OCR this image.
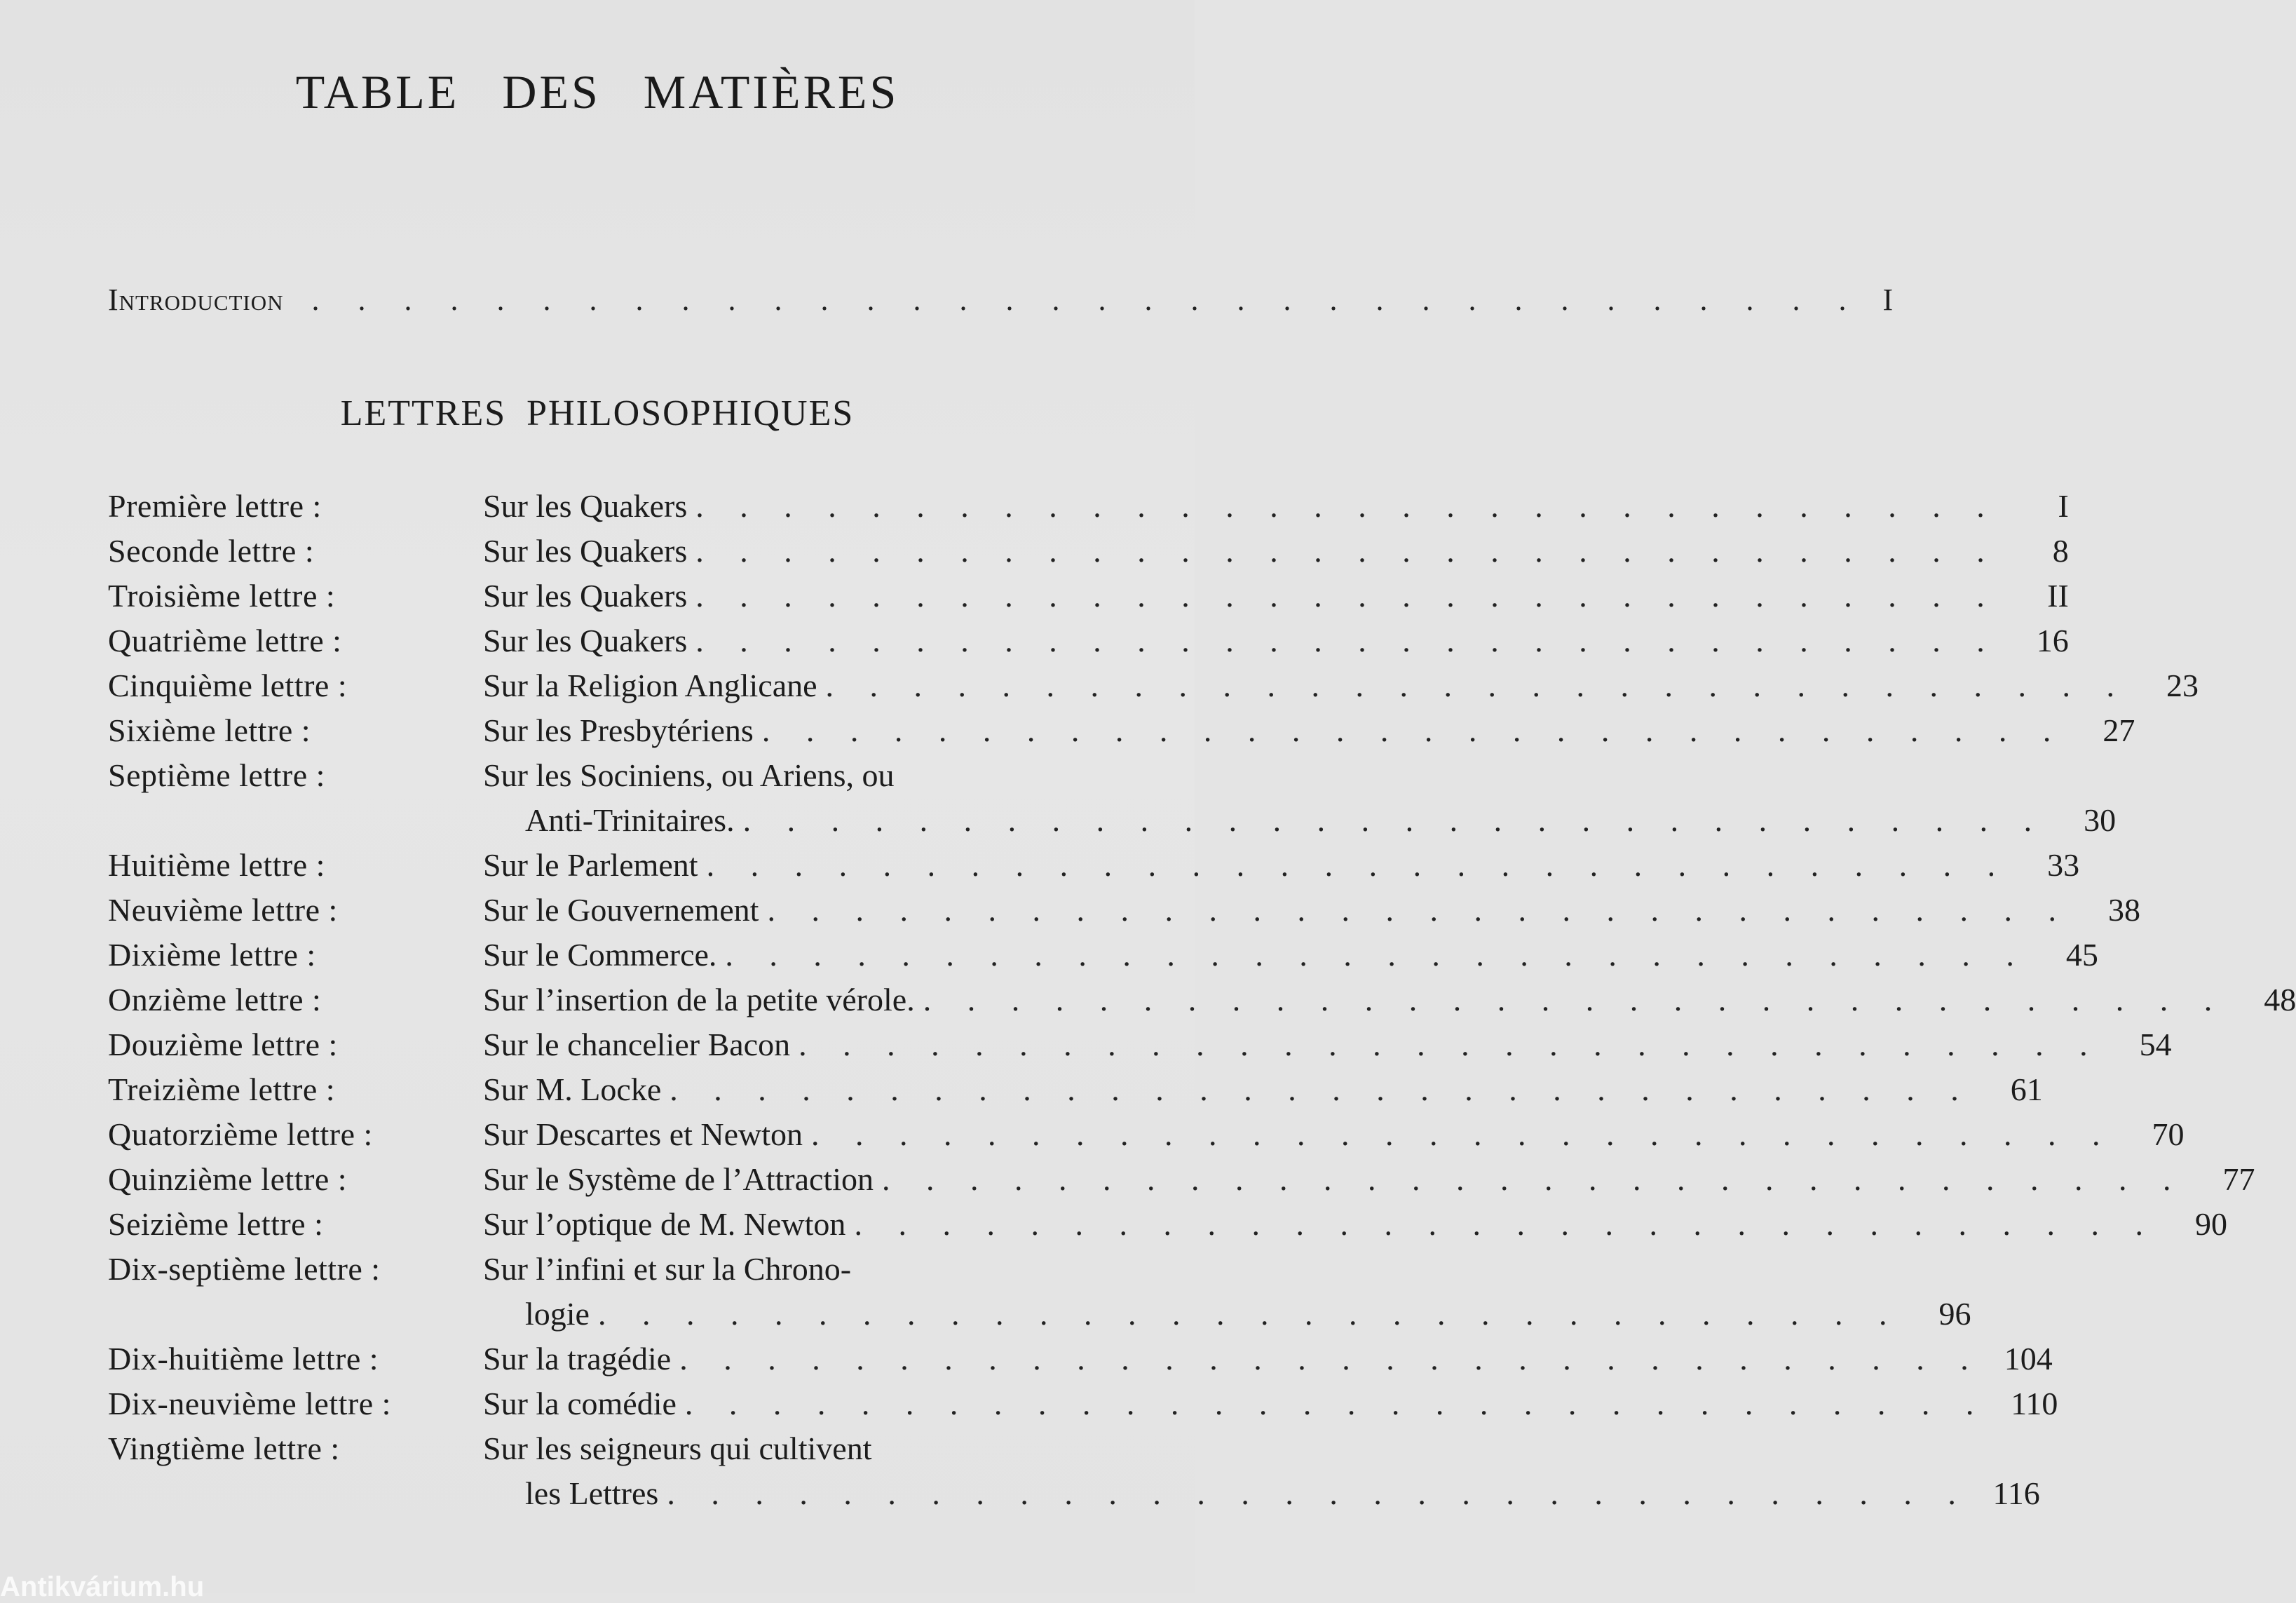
TABLE DES MATIÈRES
Introduction . . . . . . . . . . . . . . . . . . . . . . . . . . . . . . . . . . I
LETTRES PHILOSOPHIQUES
Première lettre :	Sur les Quakers . . . . . . . . . . . . . . . . . . . . . . . . . . . . . .	I
Seconde lettre :	Sur les Quakers . . . . . . . . . . . . . . . . . . . . . . . . . . . . . .	8
Troisième lettre :	Sur les Quakers . . . . . . . . . . . . . . . . . . . . . . . . . . . . . .	II
Quatrième lettre :	Sur les Quakers . . . . . . . . . . . . . . . . . . . . . . . . . . . . . .	16
Cinquième lettre :	Sur la Religion Anglicane . . . . . . . . . . . . . . . . . . . . . . . . . . . . . .	23
Sixième lettre :	Sur les Presbytériens . . . . . . . . . . . . . . . . . . . . . . . . . . . . . .	27
Septième lettre :	Sur les Sociniens, ou Ariens, ou
Anti-Trinitaires. . . . . . . . . . . . . . . . . . . . . . . . . . . . . . .	30
Huitième lettre :	Sur le Parlement . . . . . . . . . . . . . . . . . . . . . . . . . . . . . .	33
Neuvième lettre :	Sur le Gouvernement . . . . . . . . . . . . . . . . . . . . . . . . . . . . . .	38
Dixième lettre :	Sur le Commerce. . . . . . . . . . . . . . . . . . . . . . . . . . . . . . .	45
Onzième lettre :	Sur l’insertion de la petite vérole. . . . . . . . . . . . . . . . . . . . . . . . . . . . . . .	48
Douzième lettre :	Sur le chancelier Bacon . . . . . . . . . . . . . . . . . . . . . . . . . . . . . .	54
Treizième lettre :	Sur M. Locke . . . . . . . . . . . . . . . . . . . . . . . . . . . . . .	61
Quatorzième lettre :	Sur Descartes et Newton . . . . . . . . . . . . . . . . . . . . . . . . . . . . . .	70
Quinzième lettre :	Sur le Système de l’Attraction . . . . . . . . . . . . . . . . . . . . . . . . . . . . . .	77
Seizième lettre :	Sur l’optique de M. Newton . . . . . . . . . . . . . . . . . . . . . . . . . . . . . .	90
Dix-septième lettre :	Sur l’infini et sur la Chrono-
logie . . . . . . . . . . . . . . . . . . . . . . . . . . . . . .	96
Dix-huitième lettre :	Sur la tragédie . . . . . . . . . . . . . . . . . . . . . . . . . . . . . . 104
Dix-neuvième lettre :	Sur la comédie . . . . . . . . . . . . . . . . . . . . . . . . . . . . . . 110
Vingtième lettre :	Sur les seigneurs qui cultivent
les Lettres . . . . . . . . . . . . . . . . . . . . . . . . . . . . . . 116
Antikvárium.hu
